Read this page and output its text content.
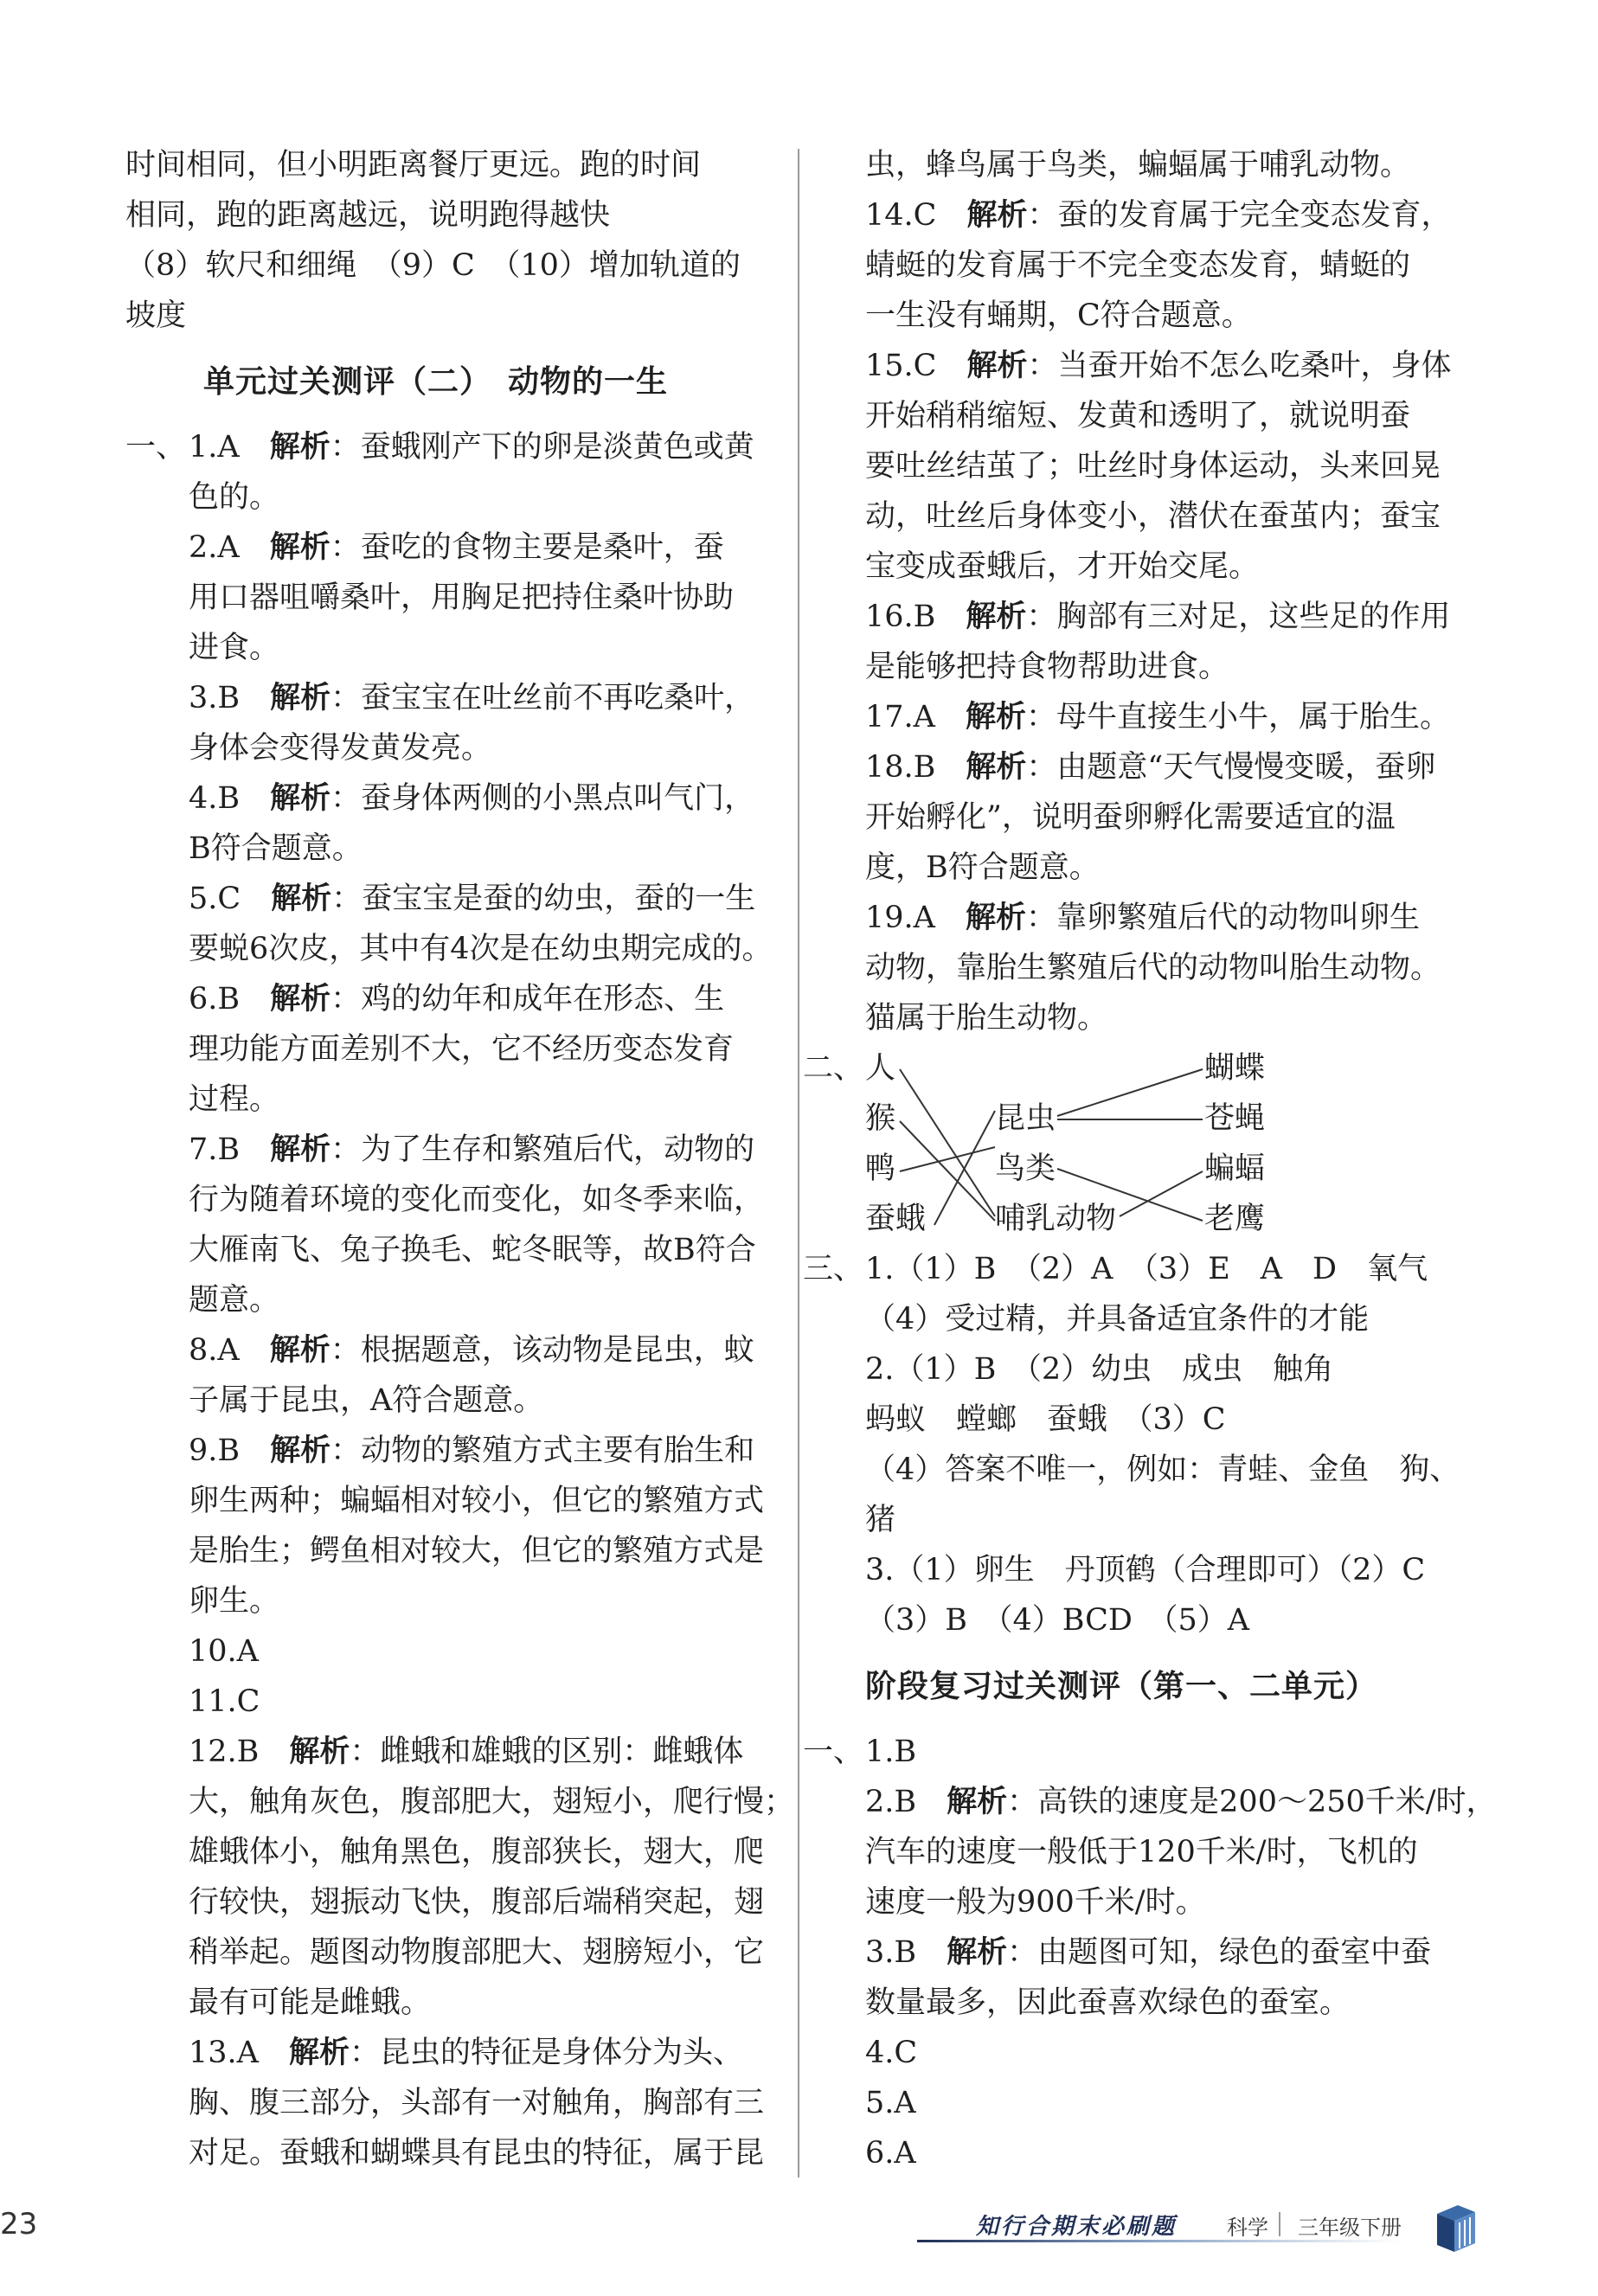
时间相同，但小明距离餐厅更远。跑的时间
相同，跑的距离越远，说明跑得越快
（8）软尺和细绳　（9）C　（10）增加轨道的
坡度
单元过关测评（二）　动物的一生
一、 1.A　 解析：蚕蛾刚产下的卵是淡黄色或黄
色的。
2.A　 解析：蚕吃的食物主要是桑叶，蚕
用口器咀嚼桑叶，用胸足把持住桑叶协助
进食。
3.B　 解析：蚕宝宝在吐丝前不再吃桑叶，
身体会变得发黄发亮。
4.B　 解析：蚕身体两侧的小黑点叫气门，
B符合题意。
5.C　 解析：蚕宝宝是蚕的幼虫，蚕的一生
要蜕6次皮，其中有4次是在幼虫期完成的。
6.B　 解析：鸡的幼年和成年在形态、生
理功能方面差别不大，它不经历变态发育
过程。
7.B　 解析：为了生存和繁殖后代，动物的
行为随着环境的变化而变化，如冬季来临，
大雁南飞、兔子换毛、蛇冬眠等，故B符合
题意。
8.A　 解析：根据题意，该动物是昆虫，蚊
子属于昆虫，A符合题意。
9.B　 解析：动物的繁殖方式主要有胎生和
卵生两种；蝙蝠相对较小，但它的繁殖方式
是胎生；鳄鱼相对较大，但它的繁殖方式是
卵生。
10.A
11.C
12.B　 解析：雌蛾和雄蛾的区别：雌蛾体
大，触角灰色，腹部肥大，翅短小，爬行慢；
雄蛾体小，触角黑色，腹部狭长，翅大，爬
行较快，翅振动飞快，腹部后端稍突起，翅
稍举起。题图动物腹部肥大、翅膀短小，它
最有可能是雌蛾。
13.A　 解析：昆虫的特征是身体分为头、
胸、腹三部分，头部有一对触角，胸部有三
对足。蚕蛾和蝴蝶具有昆虫的特征，属于昆
虫，蜂鸟属于鸟类，蝙蝠属于哺乳动物。
14.C　 解析：蚕的发育属于完全变态发育，
蜻蜓的发育属于不完全变态发育，蜻蜓的
一生没有蛹期，C符合题意。
15.C　 解析：当蚕开始不怎么吃桑叶，身体
开始稍稍缩短、发黄和透明了，就说明蚕
要吐丝结茧了；吐丝时身体运动，头来回晃
动，吐丝后身体变小，潜伏在蚕茧内；蚕宝
宝变成蚕蛾后，才开始交尾。
16.B　 解析：胸部有三对足，这些足的作用
是能够把持食物帮助进食。
17.A　 解析：母牛直接生小牛，属于胎生。
18.B　 解析：由题意“天气慢慢变暖，蚕卵
开始孵化”，说明蚕卵孵化需要适宜的温
度，B符合题意。
19.A　 解析：靠卵繁殖后代的动物叫卵生
动物，靠胎生繁殖后代的动物叫胎生动物。
猫属于胎生动物。
二、 人
猴
鸭
蚕蛾
昆虫
鸟类
哺乳动物
蝴蝶
苍蝇
蝙蝠
老鹰
三、 1.（1）B　（2）A　（3）E　A　D　氧气
（4）受过精，并具备适宜条件的才能
2.（1）B　（2）幼虫　成虫　触角
蚂蚁　螳螂　蚕蛾　（3）C
（4）答案不唯一，例如：青蛙、金鱼　狗、
猪
3.（1）卵生　丹顶鹤（合理即可）（2）C
（3）B　（4）BCD　（5）A
阶段复习过关测评（第一、二单元）
一、 1.B
2.B　 解析：高铁的速度是200～250千米/时，
汽车的速度一般低于120千米/时，飞机的
速度一般为900千米/时。
3.B　 解析：由题图可知，绿色的蚕室中蚕
数量最多，因此蚕喜欢绿色的蚕室。
4.C
5.A
6.A
23	知行合期末必刷题 科学 三年级下册
